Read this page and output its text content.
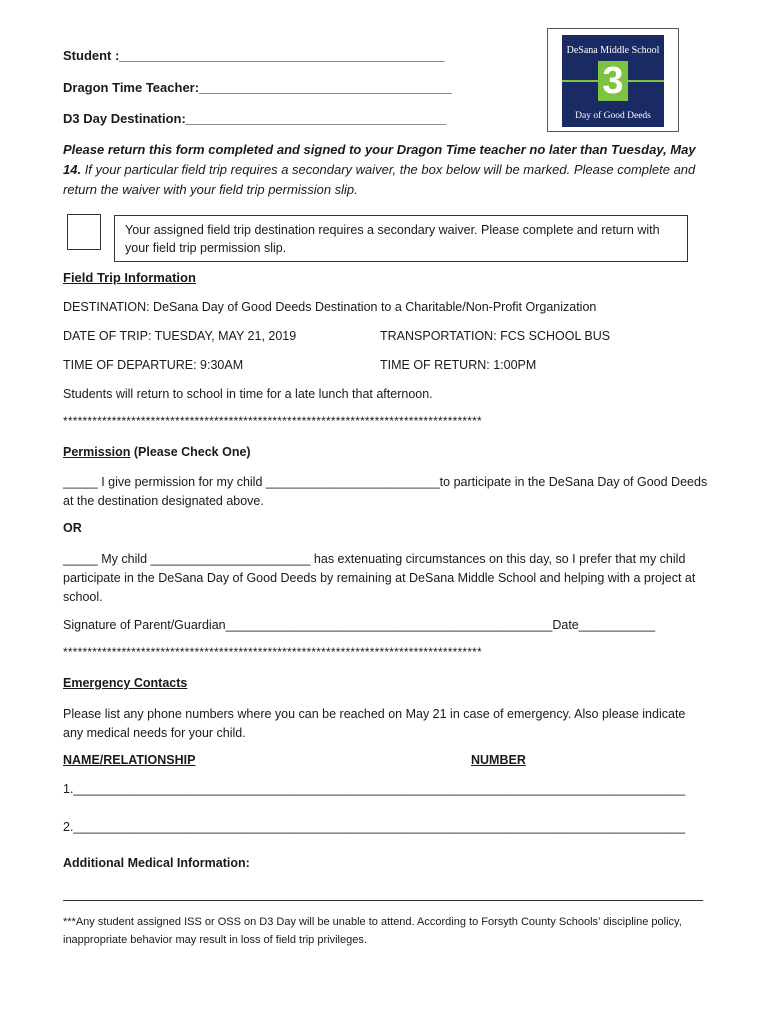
Student :_____________________________________________
Dragon Time Teacher:___________________________________
D3 Day Destination:____________________________________
DeSana Middle School
3
Day of Good Deeds
Please return this form completed and signed to your Dragon Time teacher no later than Tuesday, May 14. If your particular field trip requires a secondary waiver, the box below will be marked. Please complete and return the waiver with your field trip permission slip.
Your assigned field trip destination requires a secondary waiver. Please complete and return with your field trip permission slip.
Field Trip Information
DESTINATION: DeSana Day of Good Deeds Destination to a Charitable/Non-Profit Organization
DATE OF TRIP: TUESDAY, MAY 21, 2019	TRANSPORTATION: FCS SCHOOL BUS
TIME OF DEPARTURE: 9:30AM	TIME OF RETURN: 1:00PM
Students will return to school in time for a late lunch that afternoon.
**************************************************************************************
Permission (Please Check One)
_____ I give permission for my child _________________________to participate in the DeSana Day of Good Deeds at the destination designated above.
OR
_____ My child _______________________ has extenuating circumstances on this day, so I prefer that my child participate in the DeSana Day of Good Deeds by remaining at DeSana Middle School and helping with a project at school.
Signature of Parent/Guardian_______________________________________________Date___________
**************************************************************************************
Emergency Contacts
Please list any phone numbers where you can be reached on May 21 in case of emergency. Also please indicate any medical needs for your child.
NAME/RELATIONSHIP	NUMBER
1.________________________________________________________________________________________
2.________________________________________________________________________________________
Additional Medical Information:
***Any student assigned ISS or OSS on D3 Day will be unable to attend. According to Forsyth County Schools’ discipline policy, inappropriate behavior may result in loss of field trip privileges.
